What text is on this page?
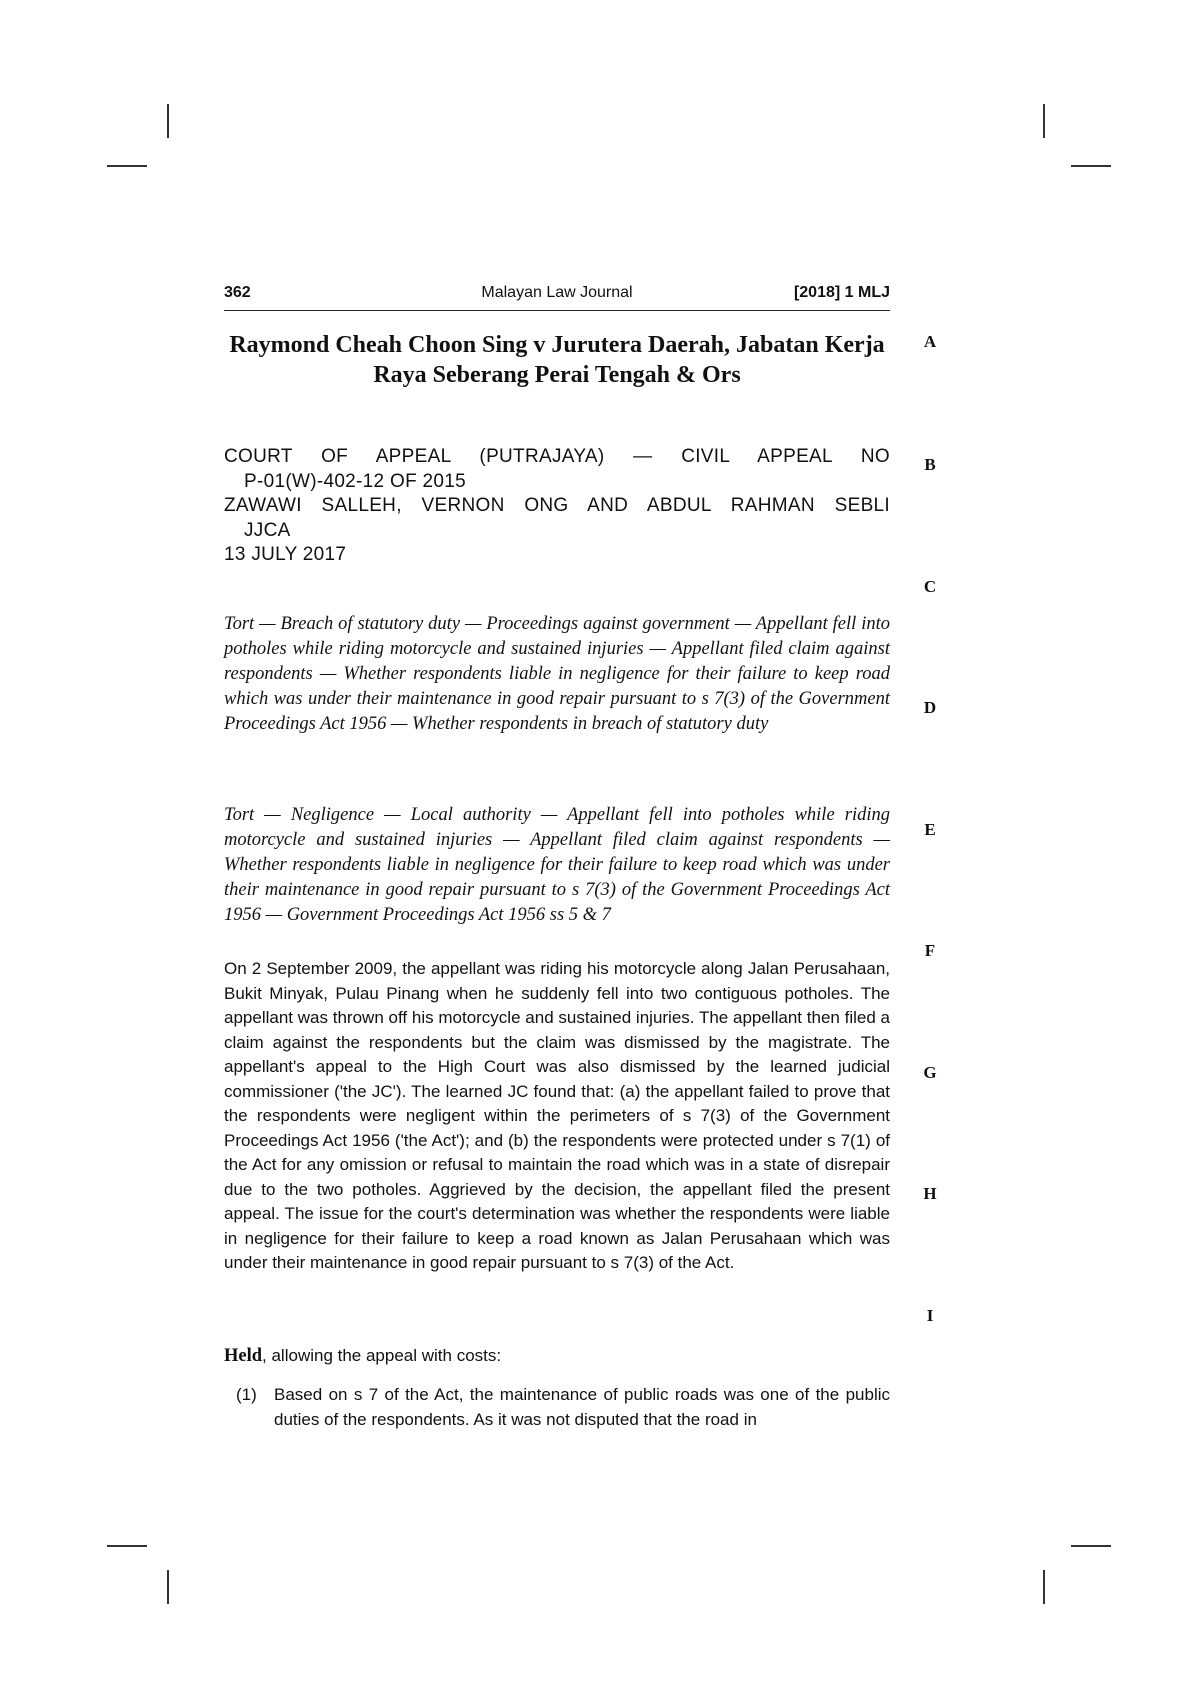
362	Malayan Law Journal	[2018] 1 MLJ
Raymond Cheah Choon Sing v Jurutera Daerah, Jabatan Kerja
Raya Seberang Perai Tengah & Ors
COURT OF APPEAL (PUTRAJAYA) — CIVIL APPEAL NO
P-01(W)-402-12 OF 2015
ZAWAWI SALLEH, VERNON ONG AND ABDUL RAHMAN SEBLI
JJCA
13 JULY 2017
Tort — Breach of statutory duty — Proceedings against government — Appellant fell into potholes while riding motorcycle and sustained injuries — Appellant filed claim against respondents — Whether respondents liable in negligence for their failure to keep road which was under their maintenance in good repair pursuant to s 7(3) of the Government Proceedings Act 1956 — Whether respondents in breach of statutory duty
Tort — Negligence — Local authority — Appellant fell into potholes while riding motorcycle and sustained injuries — Appellant filed claim against respondents — Whether respondents liable in negligence for their failure to keep road which was under their maintenance in good repair pursuant to s 7(3) of the Government Proceedings Act 1956 — Government Proceedings Act 1956 ss 5 & 7
On 2 September 2009, the appellant was riding his motorcycle along Jalan Perusahaan, Bukit Minyak, Pulau Pinang when he suddenly fell into two contiguous potholes. The appellant was thrown off his motorcycle and sustained injuries. The appellant then filed a claim against the respondents but the claim was dismissed by the magistrate. The appellant's appeal to the High Court was also dismissed by the learned judicial commissioner ('the JC'). The learned JC found that: (a) the appellant failed to prove that the respondents were negligent within the perimeters of s 7(3) of the Government Proceedings Act 1956 ('the Act'); and (b) the respondents were protected under s 7(1) of the Act for any omission or refusal to maintain the road which was in a state of disrepair due to the two potholes. Aggrieved by the decision, the appellant filed the present appeal. The issue for the court's determination was whether the respondents were liable in negligence for their failure to keep a road known as Jalan Perusahaan which was under their maintenance in good repair pursuant to s 7(3) of the Act.
Held, allowing the appeal with costs:
(1) Based on s 7 of the Act, the maintenance of public roads was one of the public duties of the respondents. As it was not disputed that the road in
A
B
C
D
E
F
G
H
I
